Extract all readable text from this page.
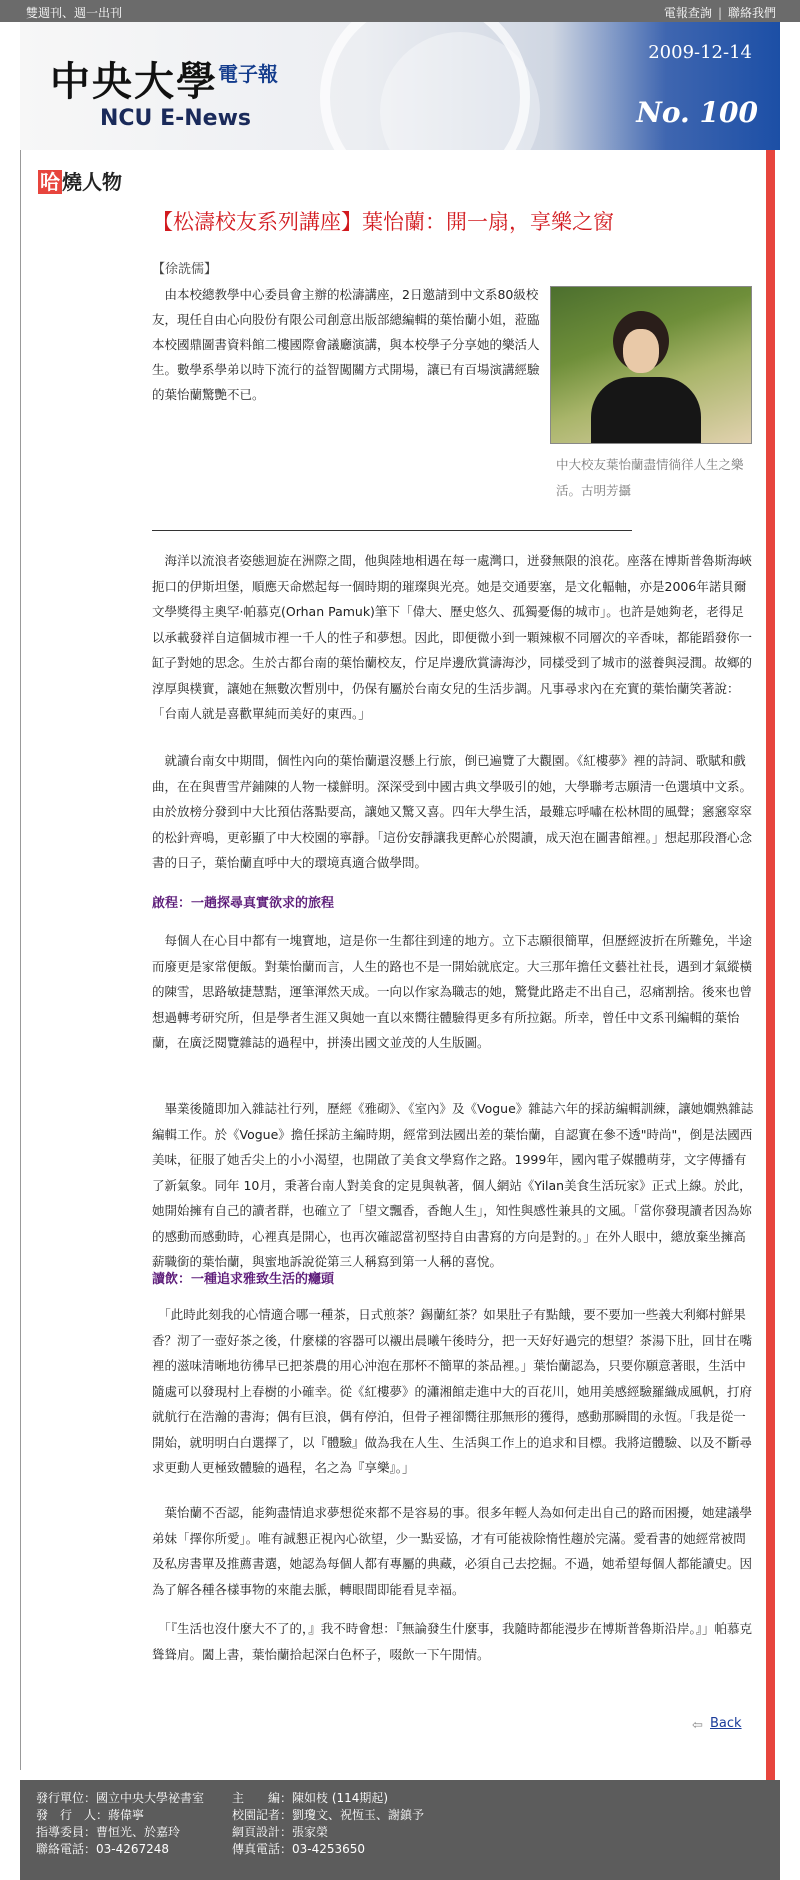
雙週刊、週一出刊	電報查詢 | 聯絡我們
中央大學 電子報
NCU E-News
2009-12-14
No. 100
哈 燒人物
【松濤校友系列講座】葉怡蘭：開一扇，享樂之窗
【徐詵儒】

　由本校總教學中心委員會主辦的松濤講座，2日邀請到中文系80級校友，現任自由心向股份有限公司創意出版部總編輯的葉怡蘭小姐，蒞臨本校國鼎圖書資料館二樓國際會議廳演講，與本校學子分享她的樂活人生。數學系學弟以時下流行的益智闖關方式開場，讓已有百場演講經驗的葉怡蘭驚艷不已。

中大校友葉怡蘭盡情徜徉人生之樂活。古明芳攝

　海洋以流浪者姿態迴旋在洲際之間，他與陸地相遇在每一處灣口，迸發無限的浪花。座落在博斯普魯斯海峽扼口的伊斯坦堡，順應天命燃起每一個時期的璀璨與光亮。她是交通要塞，是文化輻軸，亦是2006年諾貝爾文學獎得主奧罕·帕慕克(Orhan Pamuk)筆下「偉大、歷史悠久、孤獨憂傷的城市」。也許是她夠老，老得足以承載發祥自這個城市裡一千人的性子和夢想。因此，即便微小到一顆辣椒不同層次的辛香味，都能蹈發你一缸子對她的思念。生於古都台南的葉怡蘭校友，佇足岸邊欣賞濤海沙，同樣受到了城市的滋養與浸潤。故鄉的淳厚與樸實，讓她在無數次暫別中，仍保有屬於台南女兒的生活步調。凡事尋求內在充實的葉怡蘭笑著說：「台南人就是喜歡單純而美好的東西。」

　就讀台南女中期間，個性內向的葉怡蘭還沒懸上行旅，倒已遍覽了大觀園。《紅樓夢》裡的詩詞、歌賦和戲曲，在在與曹雪芹鋪陳的人物一樣鮮明。深深受到中國古典文學吸引的她，大學聯考志願清一色選填中文系。由於放榜分發到中大比預估落點要高，讓她又驚又喜。四年大學生活，最難忘呼嘯在松林間的風聲；窸窸窣窣的松針齊鳴，更彰顯了中大校園的寧靜。「這份安靜讓我更醉心於閱讀，成天泡在圖書館裡。」想起那段潛心念書的日子，葉怡蘭直呼中大的環境真適合做學問。

啟程：一趟探尋真實欲求的旅程

　每個人在心目中都有一塊寶地，這是你一生都往到達的地方。立下志願很簡單，但歷經波折在所難免，半途而廢更是家常便飯。對葉怡蘭而言，人生的路也不是一開始就底定。大三那年擔任文藝社社長，遇到才氣縱橫的陳雪，思路敏捷慧黠，運筆渾然天成。一向以作家為職志的她，驚覺此路走不出自己，忍痛割捨。後來也曾想過轉考研究所，但是學者生涯又與她一直以來嚮往體驗得更多有所拉鋸。所幸，曾任中文系刊編輯的葉怡蘭，在廣泛閱覽雜誌的過程中，拼湊出國文並茂的人生版圖。

　畢業後隨即加入雜誌社行列，歷經《雅砌》、《室內》及《Vogue》雜誌六年的採訪編輯訓練，讓她嫺熟雜誌編輯工作。於《Vogue》擔任採訪主編時期，經常到法國出差的葉怡蘭，自認實在參不透"時尚"，倒是法國西美味，征服了她舌尖上的小小渴望，也開啟了美食文學寫作之路。1999年，國內電子媒體萌芽，文字傳播有了新氣象。同年 10月，秉著台南人對美食的定見與執著，個人網站《Yilan美食生活玩家》正式上線。於此，她開始擁有自己的讀者群，也確立了「望文飄香，香飽人生」，知性與感性兼具的文風。「當你發現讀者因為妳的感動而感動時，心裡真是開心，也再次確認當初堅持自由書寫的方向是對的。」在外人眼中，總放棄坐擁高薪職銜的葉怡蘭，與蜜地訴說從第三人稱寫到第一人稱的喜悅。

讀飲：一種追求雅致生活的癮頭

　「此時此刻我的心情適合哪一種茶，日式煎茶？錫蘭紅茶？如果肚子有點餓，要不要加一些義大利鄉村鮮果香？沏了一壺好茶之後，什麼樣的容器可以襯出晨曦午後時分，把一天好好過完的想望？茶湯下肚，回甘在嘴裡的滋味清晰地彷彿早已把茶農的用心沖泡在那杯不簡單的茶品裡。」葉怡蘭認為，只要你願意著眼，生活中隨處可以發現村上春樹的小確幸。從《紅樓夢》的瀟湘館走進中大的百花川，她用美感經驗羅織成風帆，打府就航行在浩瀚的書海；偶有巨浪，偶有停泊，但骨子裡卻嚮往那無形的獲得，感動那瞬間的永恆。「我是從一開始，就明明白白選擇了，以『體驗』做為我在人生、生活與工作上的追求和目標。我將這體驗、以及不斷尋求更動人更極致體驗的過程，名之為『享樂』。」

　葉怡蘭不否認，能夠盡情追求夢想從來都不是容易的事。很多年輕人為如何走出自己的路而困擾，她建議學弟妹「擇你所愛」。唯有誠懇正視內心欲望，少一點妥協，才有可能祓除惰性趨於完滿。愛看書的她經常被問及私房書單及推薦書選，她認為每個人都有專屬的典藏，必須自己去挖掘。不過，她希望每個人都能讀史。因為了解各種各樣事物的來龍去脈，轉眼間即能看見幸福。

　「『生活也沒什麼大不了的，』我不時會想：『無論發生什麼事，我隨時都能漫步在博斯普魯斯沿岸。』」帕慕克聳聳肩。闔上書，葉怡蘭拾起深白色杯子，啜飲一下午閒情。

⇦ Back
發行單位：國立中央大學祕書室
發　行　人：蔣偉寧
指導委員：曹恒光、於嘉玲
聯絡電話：03-4267248
主　　編：陳如枝 (114期起)
校園記者：劉瓊文、祝恆玉、謝鎮予
網頁設計：張家榮
傳真電話：03-4253650
